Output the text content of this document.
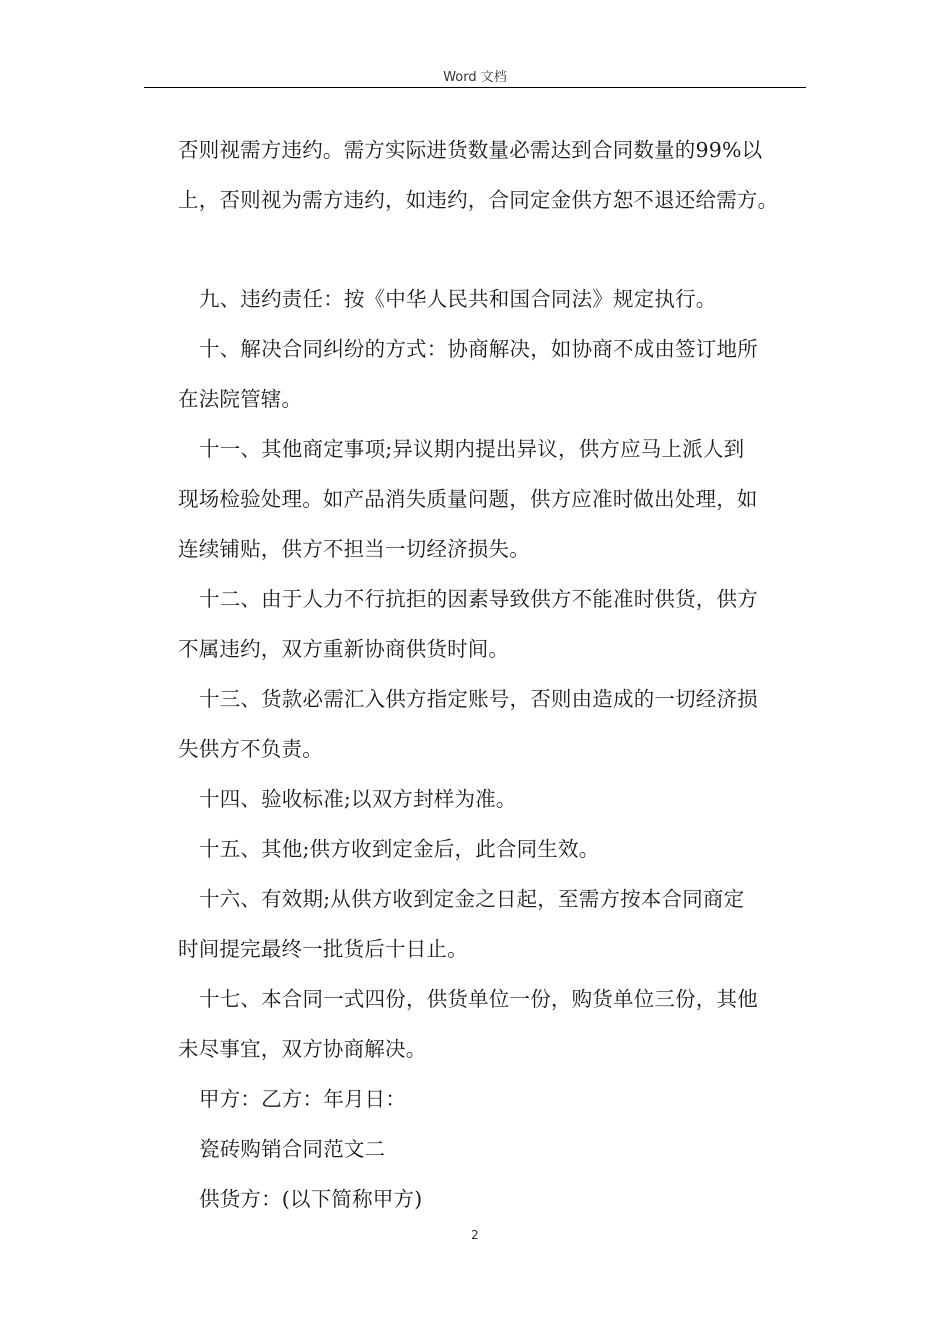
Word 文档
否则视需方违约。需方实际进货数量必需达到合同数量的99%以
上，否则视为需方违约，如违约，合同定金供方恕不退还给需方。
九、违约责任：按《中华人民共和国合同法》规定执行。
十、解决合同纠纷的方式：协商解决，如协商不成由签订地所
在法院管辖。
十一、其他商定事项;异议期内提出异议，供方应马上派人到
现场检验处理。如产品消失质量问题，供方应准时做出处理，如
连续铺贴，供方不担当一切经济损失。
十二、由于人力不行抗拒的因素导致供方不能准时供货，供方
不属违约，双方重新协商供货时间。
十三、货款必需汇入供方指定账号，否则由造成的一切经济损
失供方不负责。
十四、验收标准;以双方封样为准。
十五、其他;供方收到定金后，此合同生效。
十六、有效期;从供方收到定金之日起，至需方按本合同商定
时间提完最终一批货后十日止。
十七、本合同一式四份，供货单位一份，购货单位三份，其他
未尽事宜，双方协商解决。
甲方：乙方：年月日：
瓷砖购销合同范文二
供货方：(以下简称甲方)
2
